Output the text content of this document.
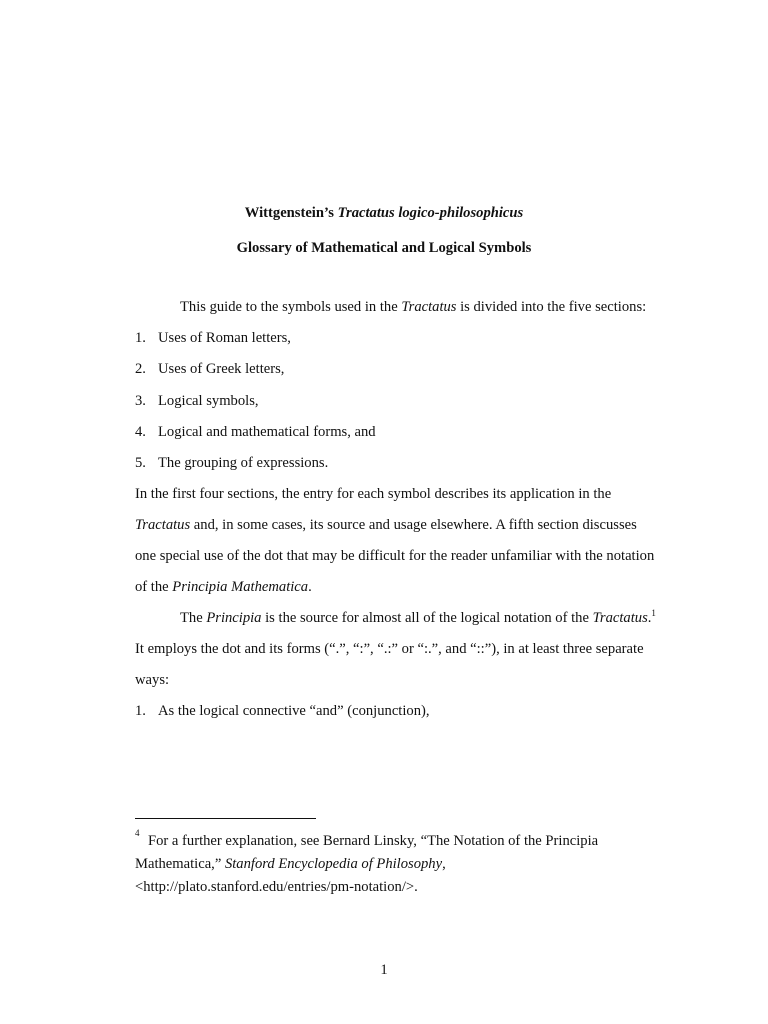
Wittgenstein’s Tractatus logico-philosophicus
Glossary of Mathematical and Logical Symbols
This guide to the symbols used in the Tractatus is divided into the five sections:
1. Uses of Roman letters,
2. Uses of Greek letters,
3. Logical symbols,
4. Logical and mathematical forms, and
5. The grouping of expressions.
In the first four sections, the entry for each symbol describes its application in the
Tractatus and, in some cases, its source and usage elsewhere. A fifth section discusses
one special use of the dot that may be difficult for the reader unfamiliar with the notation
of the Principia Mathematica.
The Principia is the source for almost all of the logical notation of the Tractatus.$^1$
It employs the dot and its forms (“.”, “:”, “.:” or “:.”, and “::”), in at least three separate
ways:
1. As the logical connective “and” (conjunction),
4 For a further explanation, see Bernard Linsky, “The Notation of the Principia
Mathematica,” Stanford Encyclopedia of Philosophy,
<http://plato.stanford.edu/entries/pm-notation/>.
1
